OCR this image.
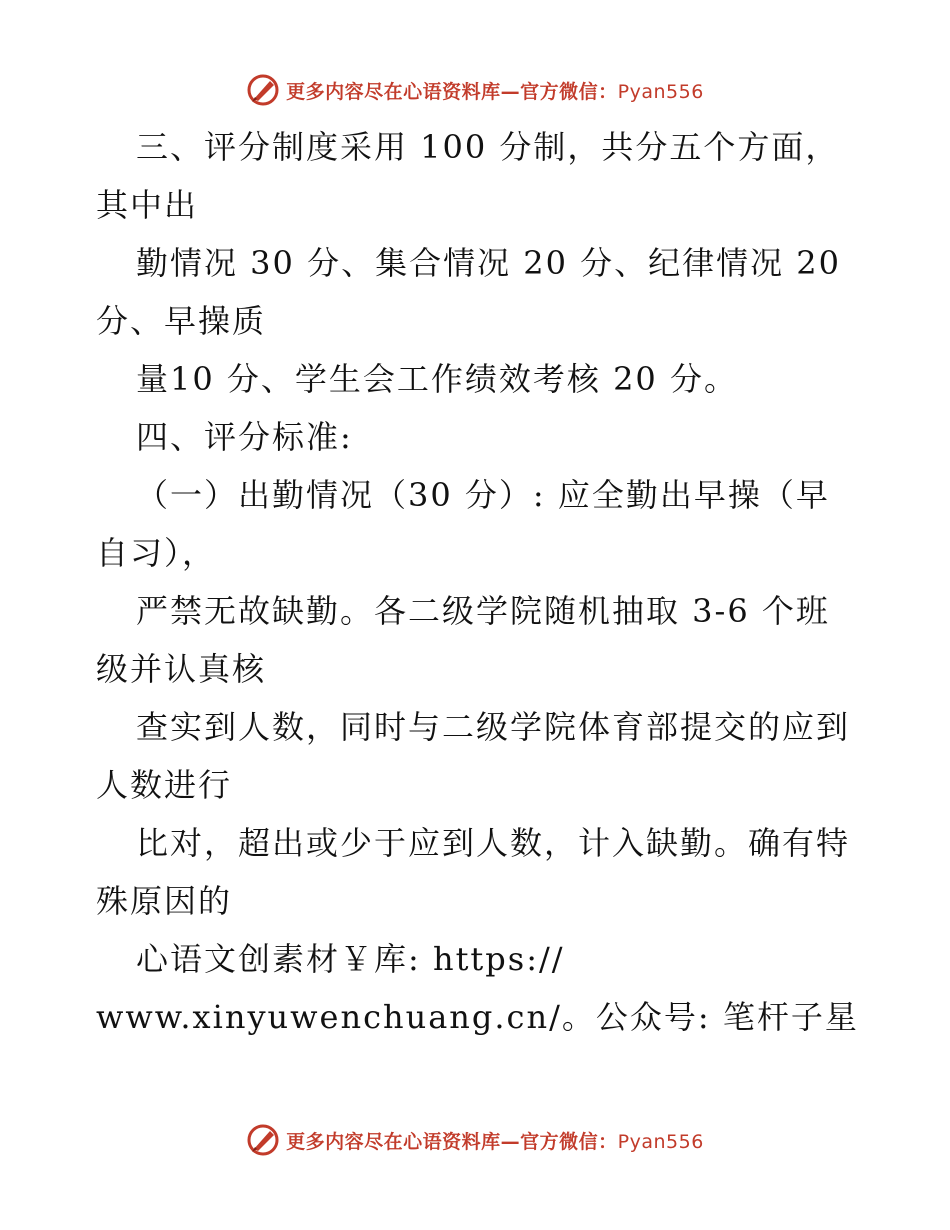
更多内容尽在心语资料库—官方微信：Pyan556
三、评分制度采用 100 分制，共分五个方面，
其中出
勤情况 30 分、集合情况 20 分、纪律情况 20
分、早操质
量10 分、学生会工作绩效考核 20 分。
四、评分标准:
（一）出勤情况（30 分）: 应全勤出早操（早
自习），
严禁无故缺勤。各二级学院随机抽取 3-6 个班
级并认真核
查实到人数，同时与二级学院体育部提交的应到
人数进行
比对，超出或少于应到人数，计入缺勤。确有特
殊原因的
心语文创素材￥库: https://
www.xinyuwenchuang.cn/。公众号: 笔杆子星
更多内容尽在心语资料库—官方微信：Pyan556
